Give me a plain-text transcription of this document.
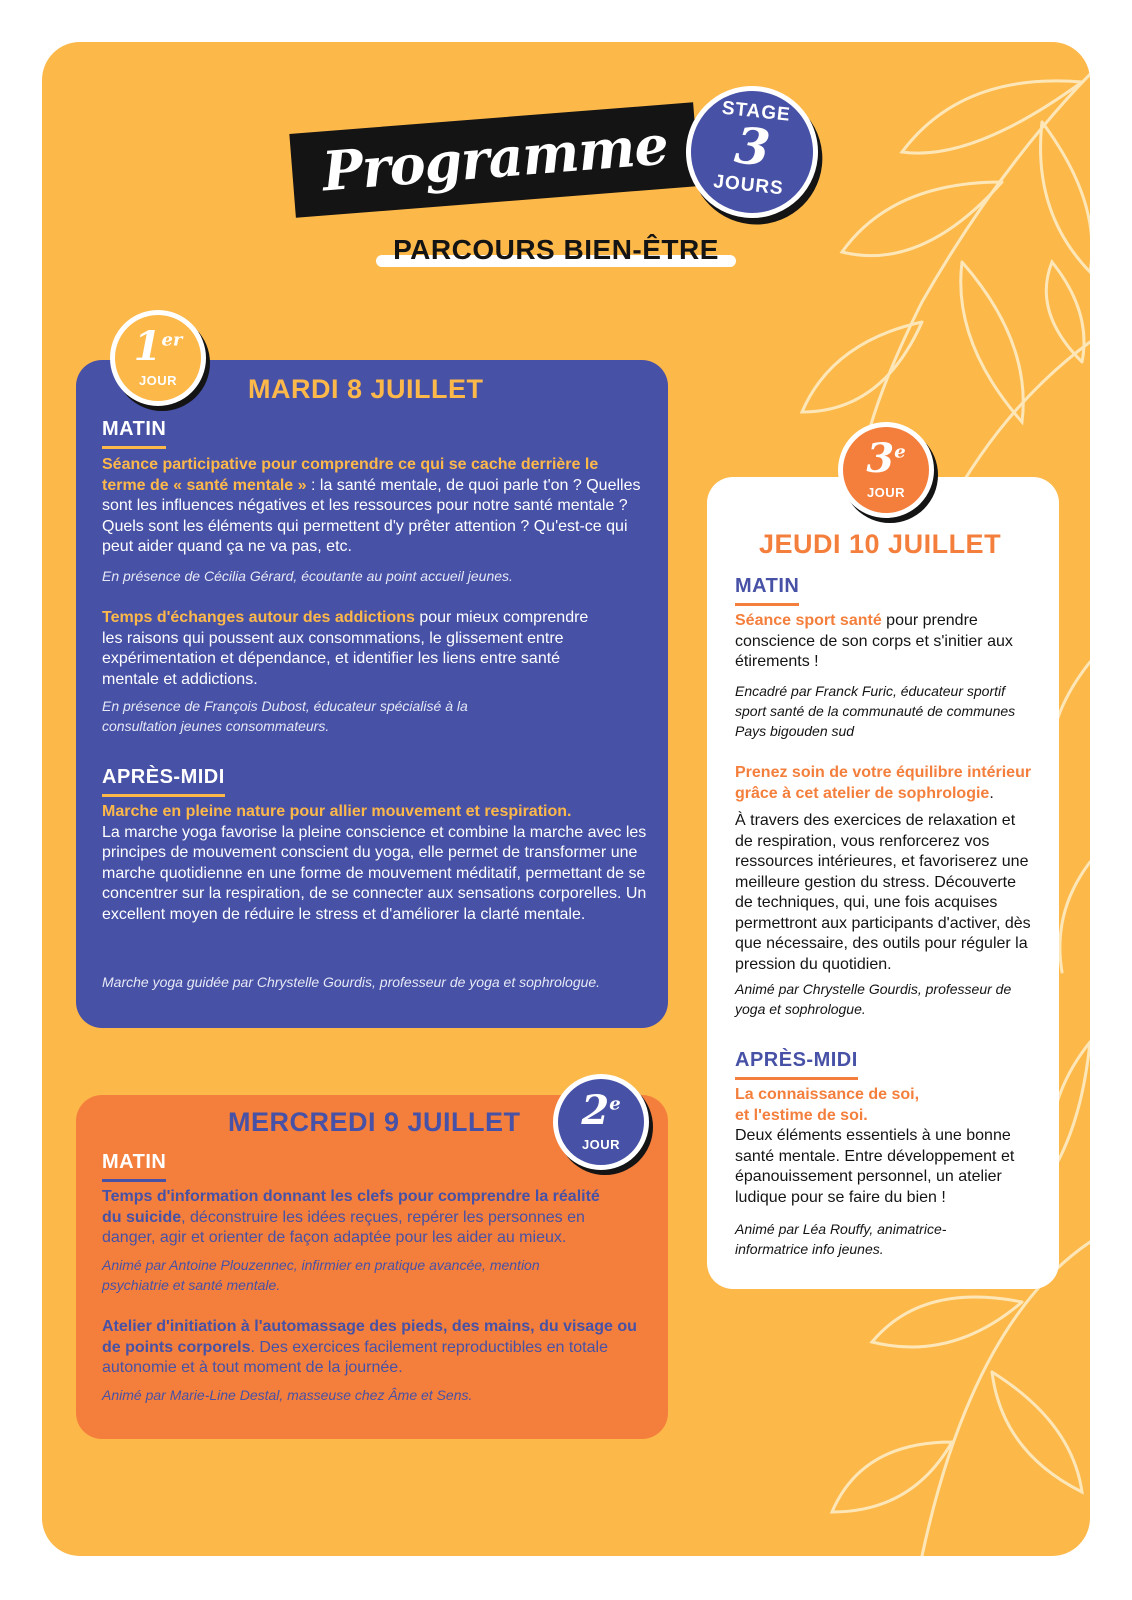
Programme
STAGE
3
JOURS
PARCOURS BIEN-ÊTRE
MARDI 8 JUILLET
MATIN
Séance participative pour comprendre ce qui se cache derrière le terme de « santé mentale » : la santé mentale, de quoi parle t'on ? Quelles sont les influences négatives et les ressources pour notre santé mentale ? Quels sont les éléments qui permettent d'y prêter attention ? Qu'est-ce qui peut aider quand ça ne va pas, etc.
En présence de Cécilia Gérard, écoutante au point accueil jeunes.
Temps d'échanges autour des addictions pour mieux comprendre les raisons qui poussent aux consommations, le glissement entre expérimentation et dépendance, et identifier les liens entre santé mentale et addictions.
En présence de François Dubost, éducateur spécialisé à la consultation jeunes consommateurs.
APRÈS-MIDI
Marche en pleine nature pour allier mouvement et respiration.
La marche yoga favorise la pleine conscience et combine la marche avec les principes de mouvement conscient du yoga, elle permet de transformer une marche quotidienne en une forme de mouvement méditatif, permettant de se concentrer sur la respiration, de se connecter aux sensations corporelles. Un excellent moyen de réduire le stress et d'améliorer la clarté mentale.
Marche yoga guidée par Chrystelle Gourdis, professeur de yoga et sophrologue.
1er
JOUR
MERCREDI 9 JUILLET
MATIN
Temps d'information donnant les clefs pour comprendre la réalité du suicide, déconstruire les idées reçues, repérer les personnes en danger, agir et orienter de façon adaptée pour les aider au mieux.
Animé par Antoine Plouzennec, infirmier en pratique avancée, mention psychiatrie et santé mentale.
Atelier d'initiation à l'automassage des pieds, des mains, du visage ou de points corporels. Des exercices facilement reproductibles en totale autonomie et à tout moment de la journée.
Animé par Marie-Line Destal, masseuse chez Âme et Sens.
2e
JOUR
JEUDI 10 JUILLET
MATIN
Séance sport santé pour prendre conscience de son corps et s'initier aux étirements !
Encadré par Franck Furic, éducateur sportif sport santé de la communauté de communes Pays bigouden sud
Prenez soin de votre équilibre intérieur grâce à cet atelier de sophrologie.
À travers des exercices de relaxation et de respiration, vous renforcerez vos ressources intérieures, et favoriserez une meilleure gestion du stress. Découverte de techniques, qui, une fois acquises permettront aux participants d'activer, dès que nécessaire, des outils pour réguler la pression du quotidien.
Animé par Chrystelle Gourdis, professeur de yoga et sophrologue.
APRÈS-MIDI
La connaissance de soi, et l'estime de soi.
Deux éléments essentiels à une bonne santé mentale. Entre développement et épanouissement personnel, un atelier ludique pour se faire du bien !
Animé par Léa Rouffy, animatrice-informatrice info jeunes.
3e
JOUR
